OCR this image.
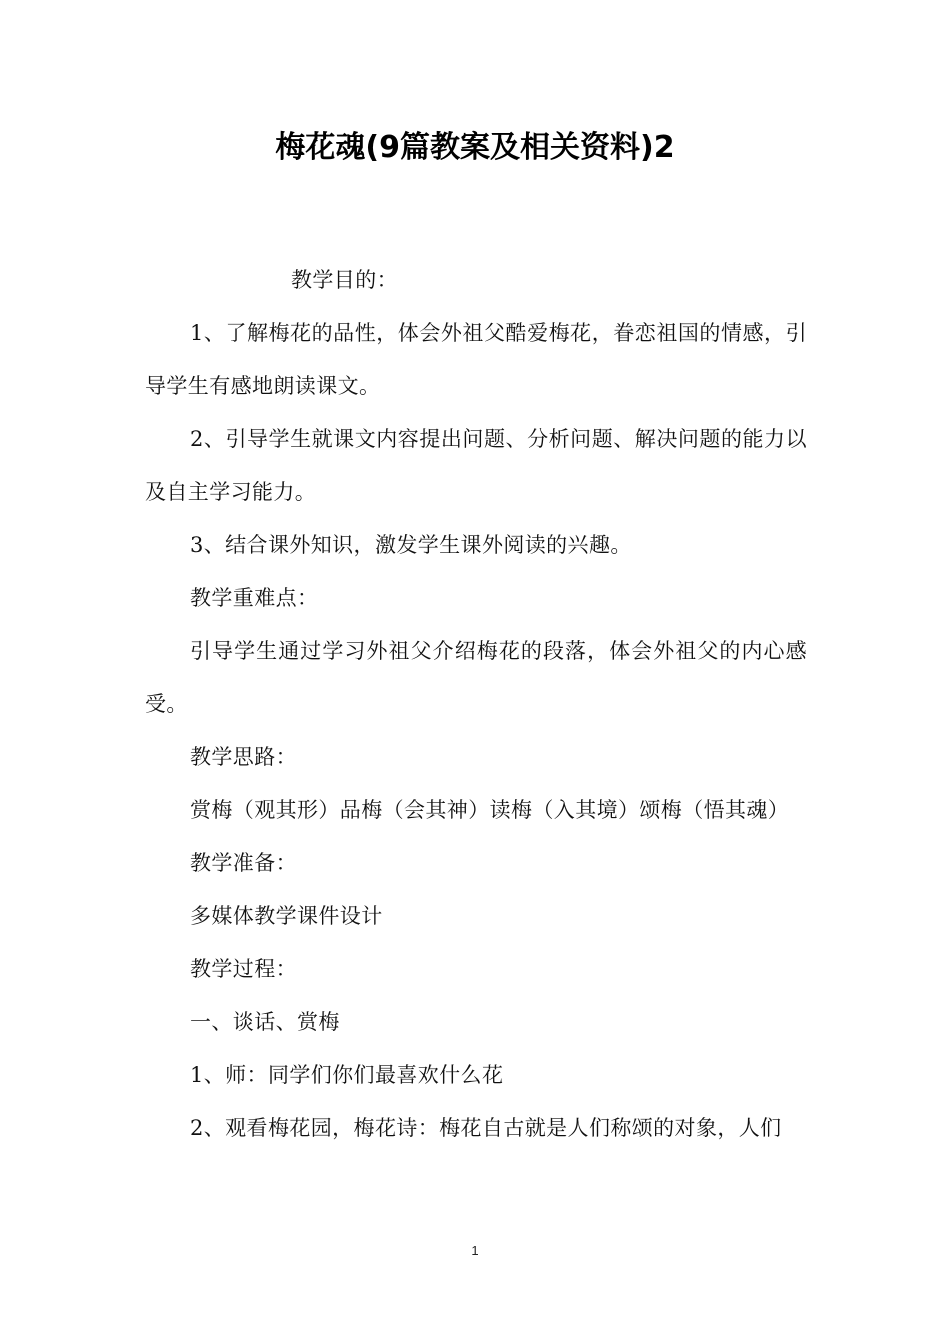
梅花魂(9篇教案及相关资料)2

教学目的：

1、了解梅花的品性，体会外祖父酷爱梅花，眷恋祖国的情感，引导学生有感地朗读课文。

2、引导学生就课文内容提出问题、分析问题、解决问题的能力以及自主学习能力。

3、结合课外知识，激发学生课外阅读的兴趣。

教学重难点：

引导学生通过学习外祖父介绍梅花的段落，体会外祖父的内心感受。

教学思路：

赏梅（观其形）品梅（会其神）读梅（入其境）颂梅（悟其魂）

教学准备：

多媒体教学课件设计

教学过程：

一、谈话、赏梅

1、师：同学们你们最喜欢什么花

2、观看梅花园，梅花诗：梅花自古就是人们称颂的对象，人们

1
